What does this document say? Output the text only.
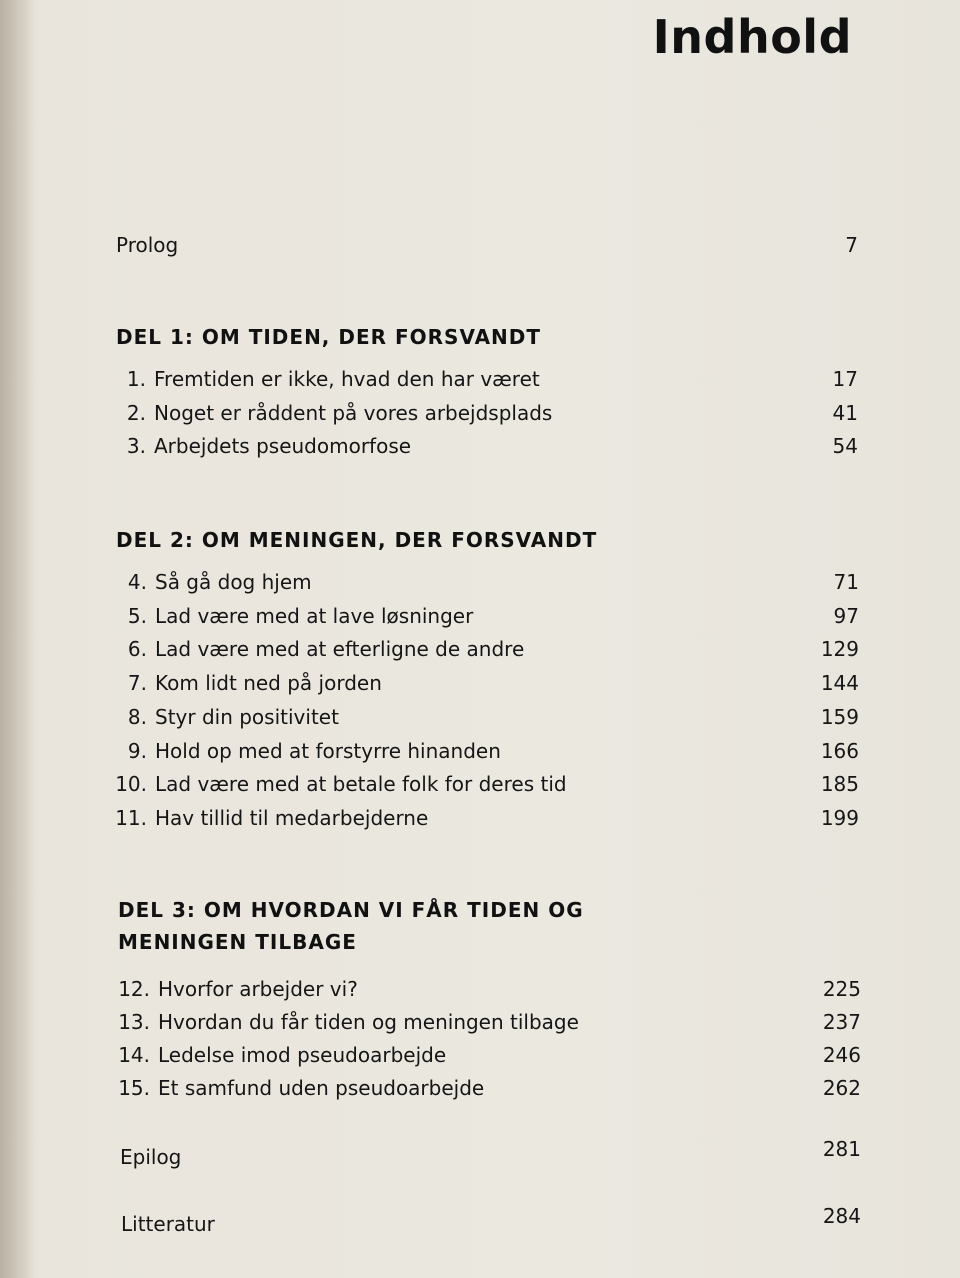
Indhold
Prolog	7
DEL 1: OM TIDEN, DER FORSVANDT
1. Fremtiden er ikke, hvad den har været	17
2. Noget er råddent på vores arbejdsplads	41
3. Arbejdets pseudomorfose	54
DEL 2: OM MENINGEN, DER FORSVANDT
4. Så gå dog hjem	71
5. Lad være med at lave løsninger	97
6. Lad være med at efterligne de andre	129
7. Kom lidt ned på jorden	144
8. Styr din positivitet	159
9. Hold op med at forstyrre hinanden	166
10. Lad være med at betale folk for deres tid	185
11. Hav tillid til medarbejderne	199
DEL 3: OM HVORDAN VI FÅR TIDEN OG
MENINGEN TILBAGE
12. Hvorfor arbejder vi?	225
13. Hvordan du får tiden og meningen tilbage	237
14. Ledelse imod pseudoarbejde	246
15. Et samfund uden pseudoarbejde	262
Epilog	281
Litteratur	284
